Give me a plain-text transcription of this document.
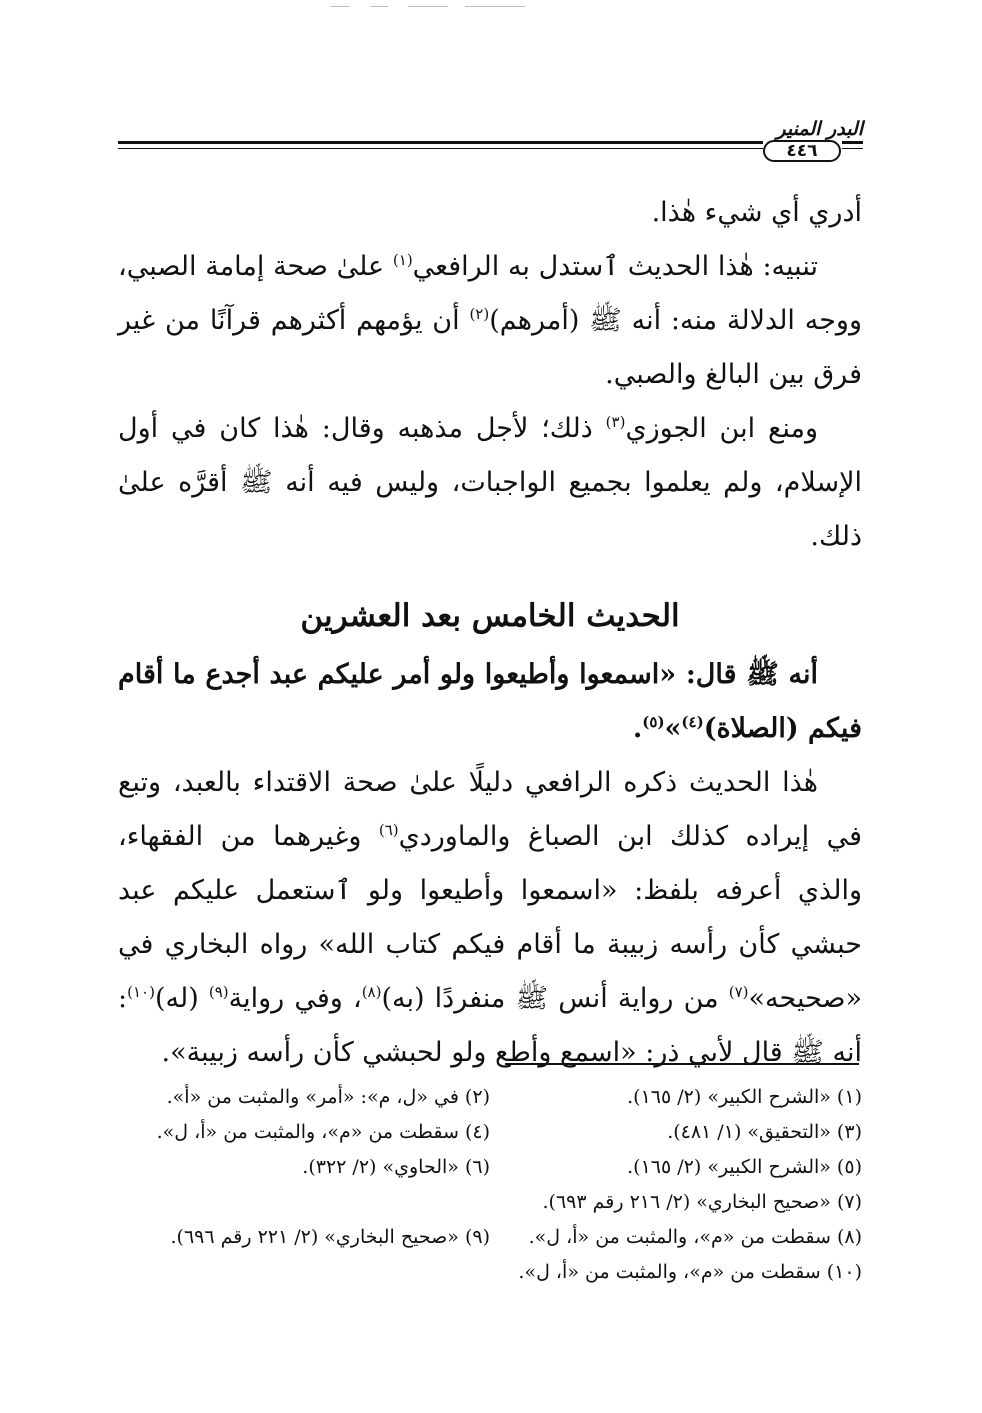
البدر المنير
٤٤٦

أدري أي شيء هٰذا.

تنبيه: هٰذا الحديث ٱستدل به الرافعي$^{(١)}$ علىٰ صحة إمامة الصبي، ووجه الدلالة منه: أنه ﷺ (أمرهم)$^{(٢)}$ أن يؤمهم أكثرهم قرآنًا من غير فرق بين البالغ والصبي.

ومنع ابن الجوزي$^{(٣)}$ ذلك؛ لأجل مذهبه وقال: هٰذا كان في أول الإسلام، ولم يعلموا بجميع الواجبات، وليس فيه أنه ﷺ أقرَّه علىٰ ذلك.

الحديث الخامس بعد العشرين

أنه ﷺ قال: «اسمعوا وأطيعوا ولو أمر عليكم عبد أجدع ما أقام فيكم (الصلاة)$^{(٤)}$»$^{(٥)}$.

هٰذا الحديث ذكره الرافعي دليلًا علىٰ صحة الاقتداء بالعبد، وتبع في إيراده كذلك ابن الصباغ والماوردي$^{(٦)}$ وغيرهما من الفقهاء، والذي أعرفه بلفظ: «اسمعوا وأطيعوا ولو ٱستعمل عليكم عبد حبشي كأن رأسه زبيبة ما أقام فيكم كتاب الله» رواه البخاري في «صحيحه»$^{(٧)}$ من رواية أنس ﷺ منفردًا (به)$^{(٨)}$، وفي رواية$^{(٩)}$ (له)$^{(١٠)}$: أنه ﷺ قال لأبي ذر: «اسمع وأطع ولو لحبشي كأن رأسه زبيبة».

(١) «الشرح الكبير» (٢/ ١٦٥).
(٢) في «ل، م»: «أمر» والمثبت من «أ».
(٣) «التحقيق» (١/ ٤٨١).
(٤) سقطت من «م»، والمثبت من «أ، ل».
(٥) «الشرح الكبير» (٢/ ١٦٥).
(٦) «الحاوي» (٢/ ٣٢٢).
(٧) «صحيح البخاري» (٢/ ٢١٦ رقم ٦٩٣).
(٨) سقطت من «م»، والمثبت من «أ، ل».
(٩) «صحيح البخاري» (٢/ ٢٢١ رقم ٦٩٦).
(١٠) سقطت من «م»، والمثبت من «أ، ل».
